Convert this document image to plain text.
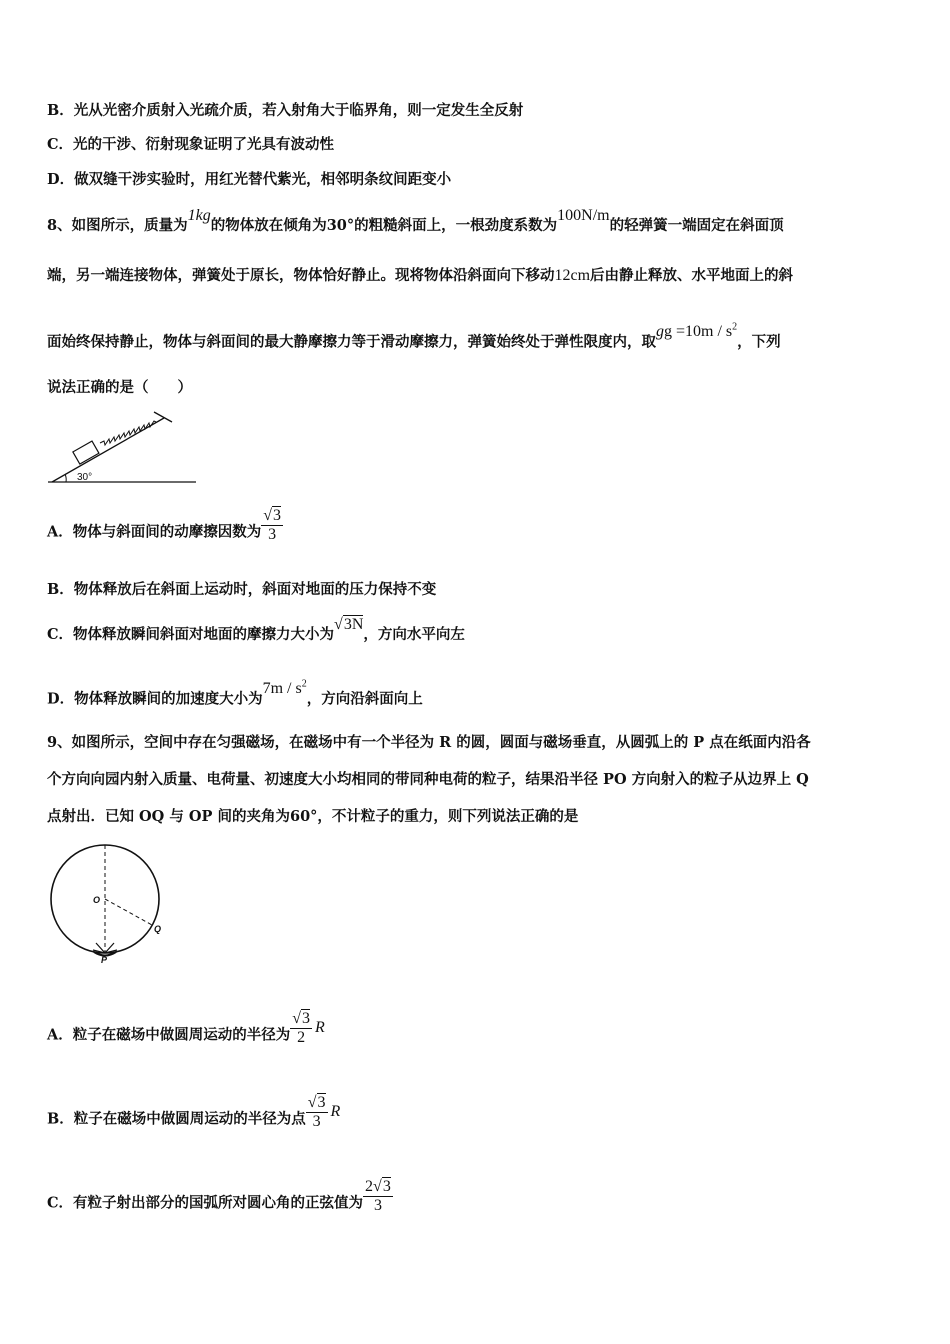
B．光从光密介质射入光疏介质，若入射角大于临界角，则一定发生全反射
C．光的干涉、衍射现象证明了光具有波动性
D．做双缝干涉实验时，用红光替代紫光，相邻明条纹间距变小
8、如图所示，质量为1kg的物体放在倾角为30°的粗糙斜面上，一根劲度系数为100N/m的轻弹簧一端固定在斜面顶
端，另一端连接物体，弹簧处于原长，物体恰好静止。现将物体沿斜面向下移动12cm后由静止释放、水平地面上的斜
面始终保持静止，物体与斜面间的最大静摩擦力等于滑动摩擦力，弹簧始终处于弹性限度内，取gg $=10m / s^2$，下列
说法正确的是（　　）
30°
A．物体与斜面间的动摩擦因数为 $\frac{√3}{3}$
B．物体释放后在斜面上运动时，斜面对地面的压力保持不变
C．物体释放瞬间斜面对地面的摩擦力大小为√3N，方向水平向左
D．物体释放瞬间的加速度大小为$7m / s^2$，方向沿斜面向上
9、如图所示，空间中存在匀强磁场，在磁场中有一个半径为 R 的圆，圆面与磁场垂直，从圆弧上的 P 点在纸面内沿各
个方向向园内射入质量、电荷量、初速度大小均相同的带同种电荷的粒子，结果沿半径 PO 方向射入的粒子从边界上 Q
点射出．已知 OQ 与 OP 间的夹角为60°，不计粒子的重力，则下列说法正确的是
O
Q
P
A．粒子在磁场中做圆周运动的半径为 $\frac{√3}{2}$ R
B．粒子在磁场中做圆周运动的半径为点 $\frac{√3}{3}$ R
C．有粒子射出部分的国弧所对圆心角的正弦值为 $\frac{2√3}{3}$
